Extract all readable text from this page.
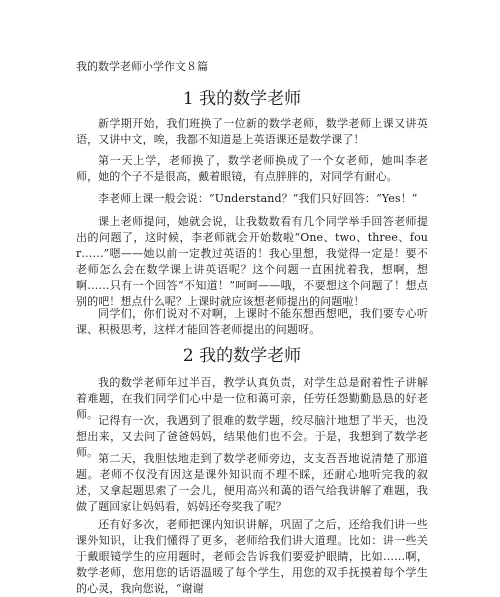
我的数学老师小学作文８篇
1 我的数学老师

新学期开始，我们班换了一位新的数学老师，数学老师上课又讲英语，又讲中文，唉，我都不知道是上英语课还是数学课了！

第一天上学，老师换了，数学老师换成了一个女老师，她叫李老师，她的个子不是很高，戴着眼镜，有点胖胖的，对同学有耐心。

李老师上课一般会说：“Understand？”我们只好回答：“Yes！”

课上老师提问，她就会说，让我数数看有几个同学举手回答老师提出的问题了，这时候，李老师就会开始数啦“One、two、three、four……”嗯——她以前一定教过英语的！我心里想，我觉得一定是！要不老师怎么会在数学课上讲英语呢？这个问题一直困扰着我，想啊，想啊……只有一个回答“不知道！”呵呵——哦，不要想这个问题了！想点别的吧！想点什么呢？上课时就应该想老师提出的问题啦！

同学们，你们说对不对啊，上课时不能东想西想吧，我们要专心听课、积极思考，这样才能回答老师提出的问题呀。

2 我的数学老师

我的数学老师年过半百，教学认真负责，对学生总是耐着性子讲解着难题，在我们同学们心中是一位和蔼可亲，任劳任怨勤勤恳恳的好老师。 记得有一次，我遇到了很难的数学题，绞尽脑汁地想了半天，也没想出来，又去问了爸爸妈妈，结果他们也不会。于是，我想到了数学老师。 第二天，我胆怯地走到了数学老师旁边，支支吾吾地说清楚了那道题。老师不仅没有因这是课外知识而不理不睬，还耐心地听完我的叙述，又拿起题思索了一会儿，便用高兴和蔼的语气给我讲解了难题，我做了题回家让妈妈看，妈妈还夸奖我了呢？

还有好多次，老师把课内知识讲解，巩固了之后，还给我们讲一些课外知识，让我们懂得了更多，老师给我们讲大道理。比如：讲一些关于戴眼镜学生的应用题时，老师会告诉我们要爱护眼睛，比如……啊，数学老师，您用您的话语温暖了每个学生，用您的双手抚摸着每个学生的心灵，我向您说，“谢谢
